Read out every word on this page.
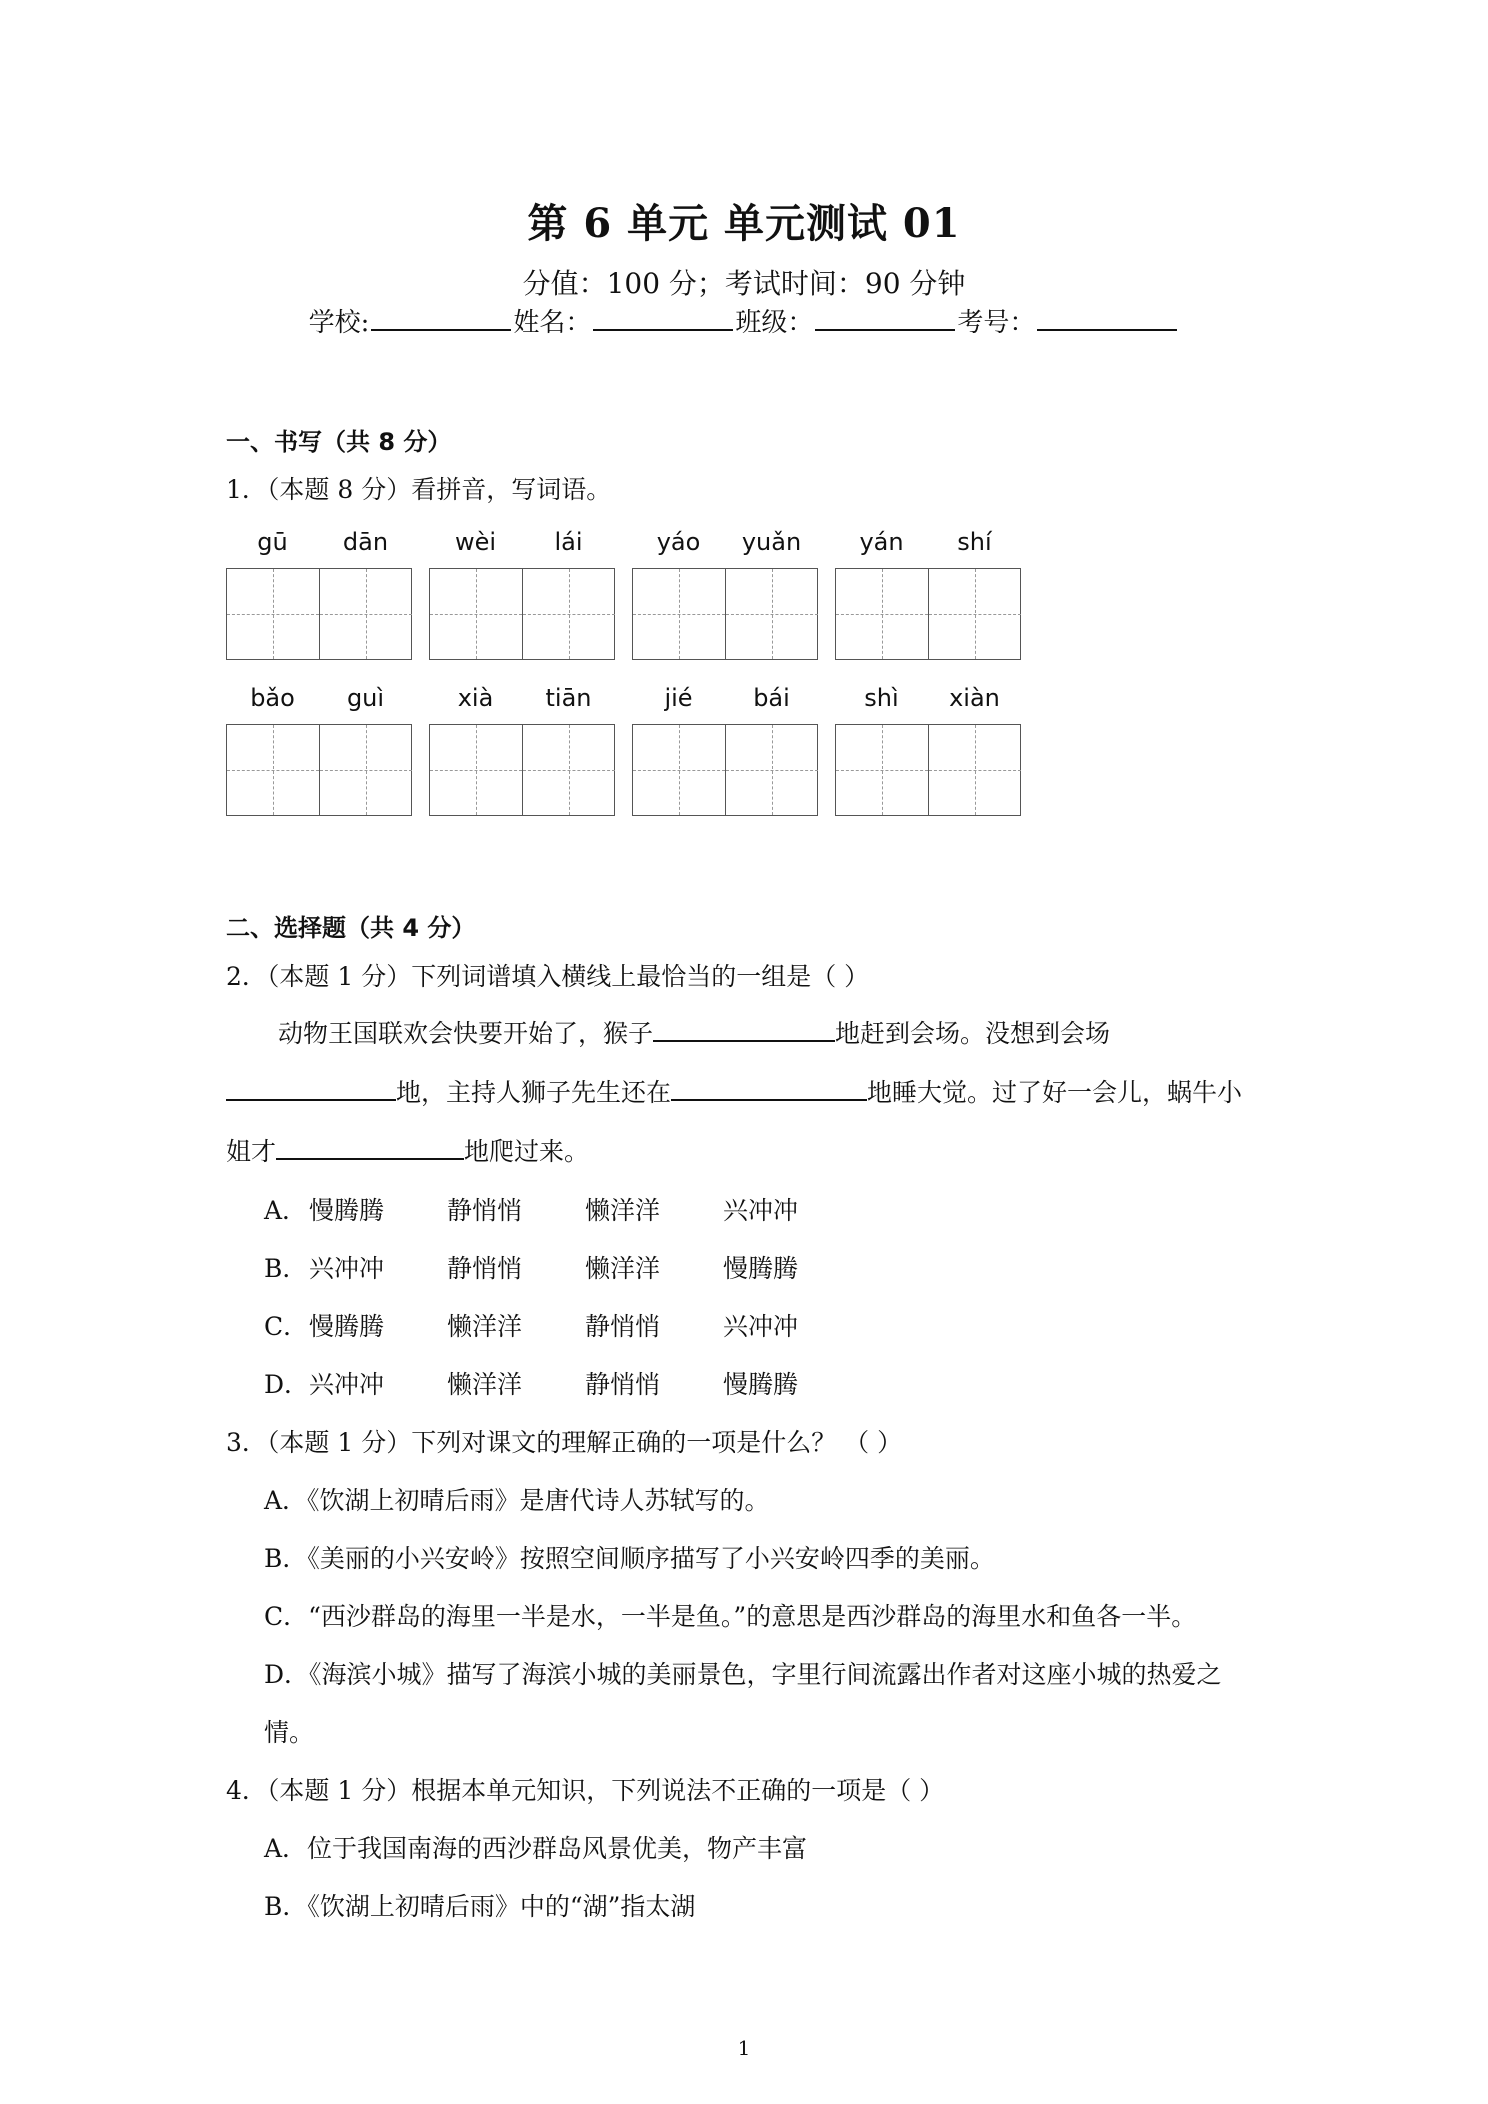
第 6 单元 单元测试 01
分值：100 分；考试时间：90 分钟
学校:	姓名：	班级：	考号：
一、书写（共 8 分）
1．（本题 8 分）看拼音，写词语。
gū	dān	wèi	lái	yáo	yuǎn	yán	shí
bǎo	guì	xià	tiān	jié	bái	shì	xiàn
二、选择题（共 4 分）
2．（本题 1 分）下列词谱填入横线上最恰当的一组是（ ）
动物王国联欢会快要开始了，猴子	地赶到会场。没想到会场
地，主持人狮子先生还在	地睡大觉。过了好一会儿，蜗牛小
姐才	地爬过来。
A．慢腾腾	静悄悄	懒洋洋	兴冲冲
B．兴冲冲	静悄悄	懒洋洋	慢腾腾
C．慢腾腾	懒洋洋	静悄悄	兴冲冲
D．兴冲冲	懒洋洋	静悄悄	慢腾腾
3．（本题 1 分）下列对课文的理解正确的一项是什么？ （ ）
A．《饮湖上初晴后雨》是唐代诗人苏轼写的。
B．《美丽的小兴安岭》按照空间顺序描写了小兴安岭四季的美丽。
C．“西沙群岛的海里一半是水，一半是鱼。”的意思是西沙群岛的海里水和鱼各一半。
D．《海滨小城》描写了海滨小城的美丽景色，字里行间流露出作者对这座小城的热爱之
情。
4．（本题 1 分）根据本单元知识，下列说法不正确的一项是（ ）
A．位于我国南海的西沙群岛风景优美，物产丰富
B．《饮湖上初晴后雨》中的“湖”指太湖
1
